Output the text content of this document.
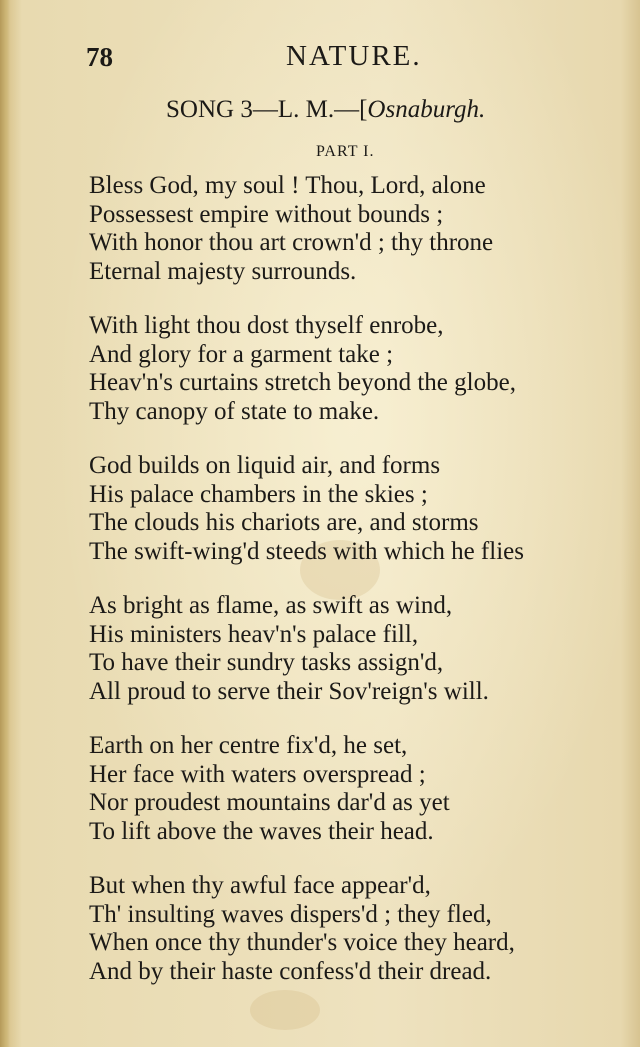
78	NATURE.
SONG 3—L. M.—[Osnaburgh.
PART I.
Bless God, my soul ! Thou, Lord, alone
Possessest empire without bounds ;
With honor thou art crown'd ; thy throne
Eternal majesty surrounds.
With light thou dost thyself enrobe,
And glory for a garment take ;
Heav'n's curtains stretch beyond the globe,
Thy canopy of state to make.
God builds on liquid air, and forms
His palace chambers in the skies ;
The clouds his chariots are, and storms
The swift-wing'd steeds with which he flies
As bright as flame, as swift as wind,
His ministers heav'n's palace fill,
To have their sundry tasks assign'd,
All proud to serve their Sov'reign's will.
Earth on her centre fix'd, he set,
Her face with waters overspread ;
Nor proudest mountains dar'd as yet
To lift above the waves their head.
But when thy awful face appear'd,
Th' insulting waves dispers'd ; they fled,
When once thy thunder's voice they heard,
And by their haste confess'd their dread.
